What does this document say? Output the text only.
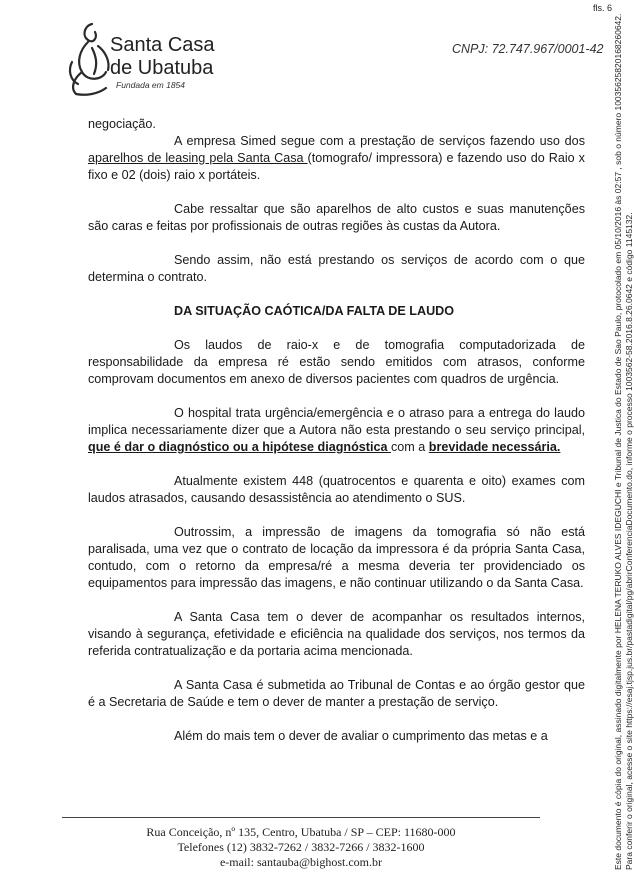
fls. 6
Santa Casa
de Ubatuba
Fundada em 1854
CNPJ: 72.747.967/0001-42 Este documento é cópia do original, assinado digitalmente por HELENA TERUKO ALVES IDEGUCHI e Tribunal de Justica do Estado de Sao Paulo, protocolado em 05/10/2016 às 02:57 , sob o número 10035625820168260642. Para conferir o original, acesse o site https://esaj.tjsp.jus.br/pastadigital/pg/abrirConferenciaDocumento.do, informe o processo 1003562-58.2016.8.26.0642 e código 1145132.

negociação.

A empresa Simed segue com a prestação de serviços fazendo uso dos aparelhos de leasing pela Santa Casa (tomografo/ impressora) e fazendo uso do Raio x fixo e 02 (dois) raio x portáteis.

Cabe ressaltar que são aparelhos de alto custos e suas manutenções são caras e feitas por profissionais de outras regiões às custas da Autora.

Sendo assim, não está prestando os serviços de acordo com o que determina o contrato.

DA SITUAÇÃO CAÓTICA/DA FALTA DE LAUDO

Os laudos de raio-x e de tomografia computadorizada de responsabilidade da empresa ré estão sendo emitidos com atrasos, conforme comprovam documentos em anexo de diversos pacientes com quadros de urgência.

O hospital trata urgência/emergência e o atraso para a entrega do laudo implica necessariamente dizer que a Autora não esta prestando o seu serviço principal, que é dar o diagnóstico ou a hipótese diagnóstica com a brevidade necessária.

Atualmente existem 448 (quatrocentos e quarenta e oito) exames com laudos atrasados, causando desassistência ao atendimento o SUS.

Outrossim, a impressão de imagens da tomografia só não está paralisada, uma vez que o contrato de locação da impressora é da própria Santa Casa, contudo, com o retorno da empresa/ré a mesma deveria ter providenciado os equipamentos para impressão das imagens, e não continuar utilizando o da Santa Casa.

A Santa Casa tem o dever de acompanhar os resultados internos, visando à segurança, efetividade e eficiência na qualidade dos serviços, nos termos da referida contratualização e da portaria acima mencionada.

A Santa Casa é submetida ao Tribunal de Contas e ao órgão gestor que é a Secretaria de Saúde e tem o dever de manter a prestação de serviço.

Além do mais tem o dever de avaliar o cumprimento das metas e a

Rua Conceição, nº 135, Centro, Ubatuba / SP – CEP: 11680-000
Telefones (12) 3832-7262 / 3832-7266 / 3832-1600
e-mail: santauba@bighost.com.br
